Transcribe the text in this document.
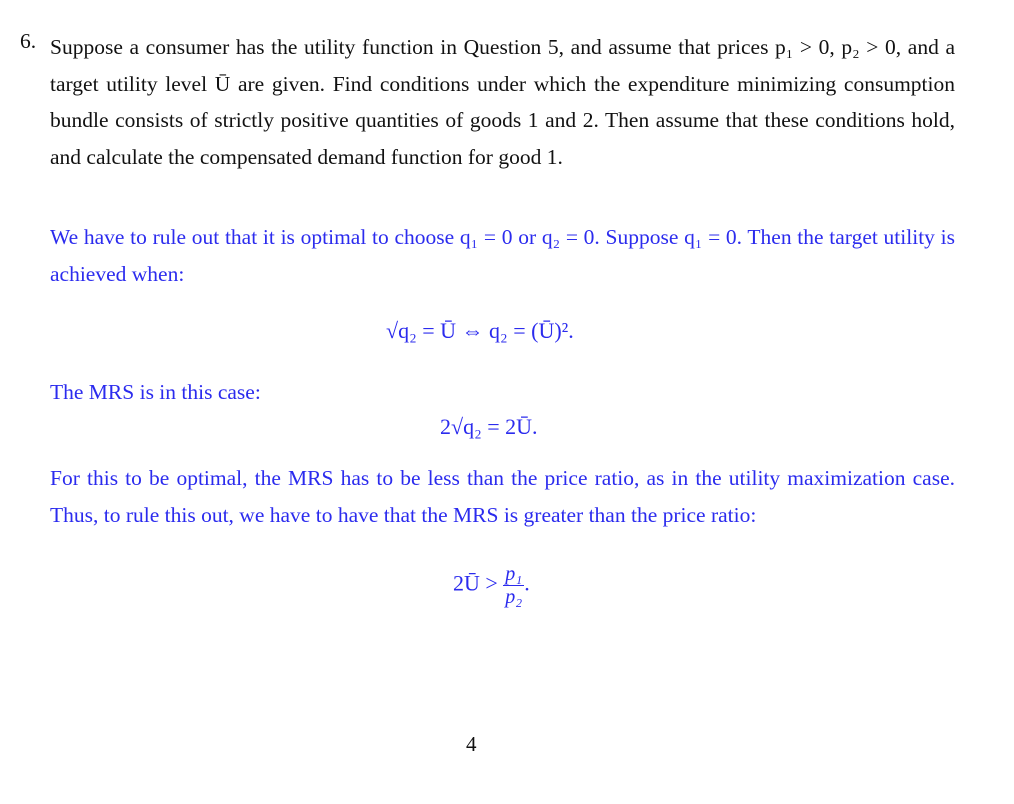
6. Suppose a consumer has the utility function in Question 5, and assume that prices p₁ > 0, p₂ > 0, and a target utility level Ū are given. Find conditions under which the expenditure minimizing consumption bundle consists of strictly positive quantities of goods 1 and 2. Then assume that these conditions hold, and calculate the compensated demand function for good 1.
We have to rule out that it is optimal to choose q₁ = 0 or q₂ = 0. Suppose q₁ = 0. Then the target utility is achieved when:
√q₂ = Ū ⇔ q₂ = (Ū)².
The MRS is in this case:
2√q₂ = 2Ū.
For this to be optimal, the MRS has to be less than the price ratio, as in the utility maximization case. Thus, to rule this out, we have to have that the MRS is greater than the price ratio:
2Ū > $\frac{\text{p₁}}{\text{p₂}}$ .
4
